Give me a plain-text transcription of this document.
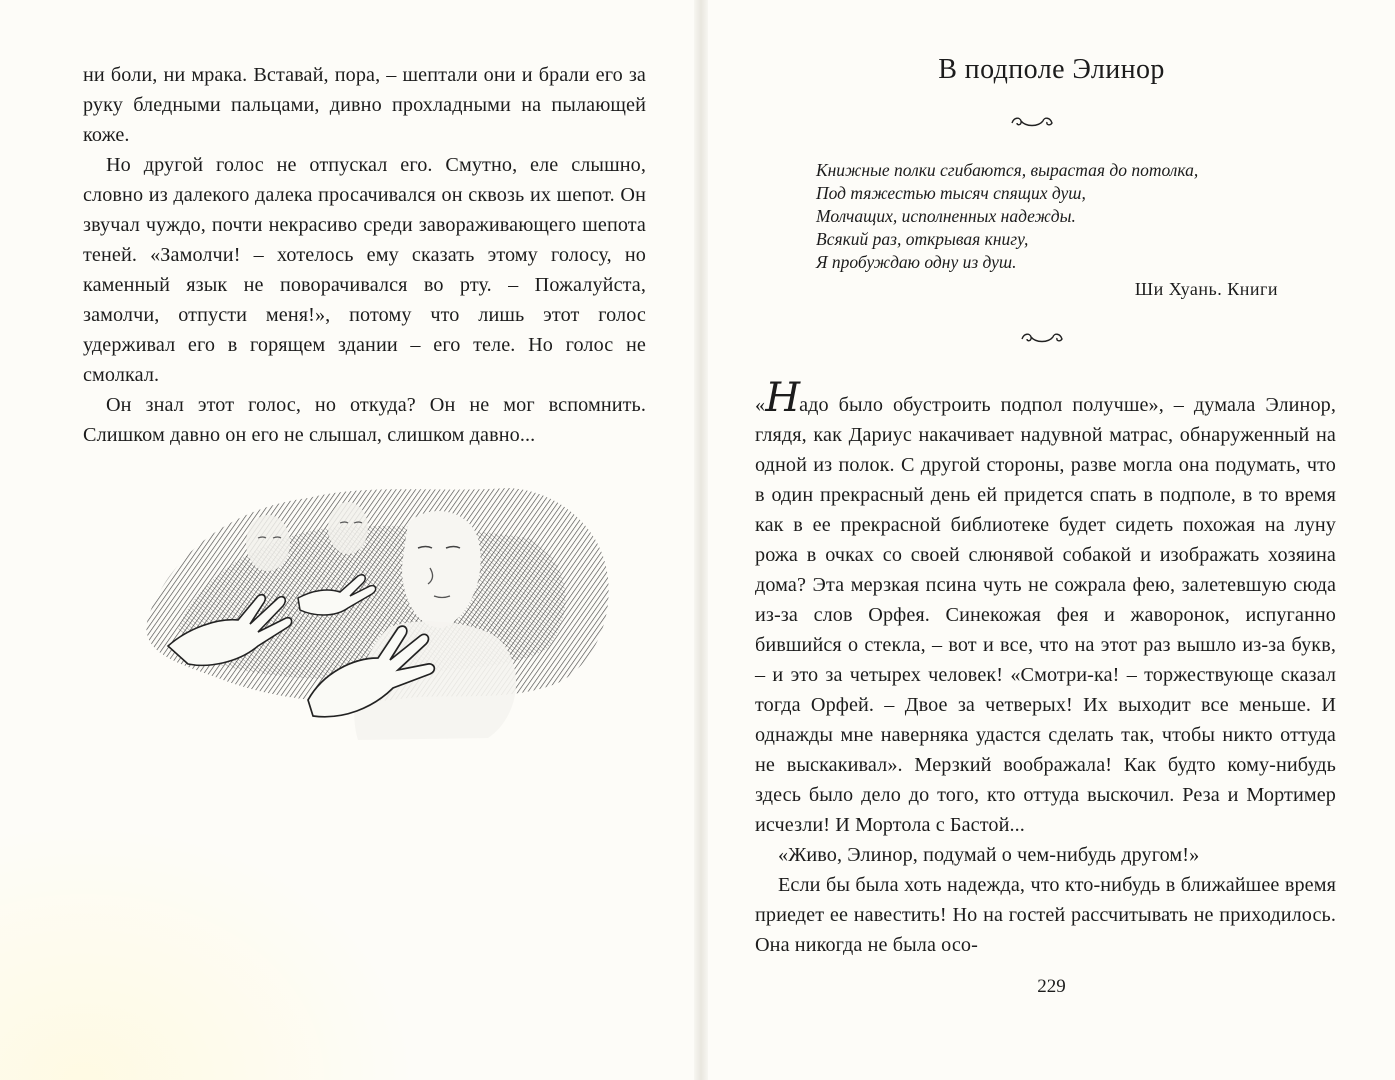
ни боли, ни мрака. Вставай, пора, – шептали они и брали его за руку бледными пальцами, дивно прохладными на пылающей коже.

Но другой голос не отпускал его. Смутно, еле слышно, словно из далекого далека просачивался он сквозь их шепот. Он звучал чуждо, почти некрасиво среди завораживающего шепота теней. «Замолчи! – хотелось ему сказать этому голосу, но каменный язык не поворачивался во рту. – Пожалуйста, замолчи, отпусти меня!», потому что лишь этот голос удерживал его в горящем здании – его теле. Но голос не смолкал.

Он знал этот голос, но откуда? Он не мог вспомнить. Слишком давно он его не слышал, слишком давно...

В подполе Элинор
Книжные полки сгибаются, вырастая до потолка,
Под тяжестью тысяч спящих душ,
Молчащих, исполненных надежды.
Всякий раз, открывая книгу,
Я пробуждаю одну из душ.
Ши Хуань. Книги

«Надо было обустроить подпол получше», – думала Элинор, глядя, как Дариус накачивает надувной матрас, обнаруженный на одной из полок. С другой стороны, разве могла она подумать, что в один прекрасный день ей придется спать в подполе, в то время как в ее прекрасной библиотеке будет сидеть похожая на луну рожа в очках со своей слюнявой собакой и изображать хозяина дома? Эта мерзкая псина чуть не сожрала фею, залетевшую сюда из-за слов Орфея. Синекожая фея и жаворонок, испуганно бившийся о стекла, – вот и все, что на этот раз вышло из-за букв, – и это за четырех человек! «Смотри-ка! – торжествующе сказал тогда Орфей. – Двое за четверых! Их выходит все меньше. И однажды мне наверняка удастся сделать так, чтобы никто оттуда не выскакивал». Мерзкий воображала! Как будто кому-нибудь здесь было дело до того, кто оттуда выскочил. Реза и Мортимер исчезли! И Мортола с Бастой...

«Живо, Элинор, подумай о чем-нибудь другом!»

Если бы была хоть надежда, что кто-нибудь в ближайшее время приедет ее навестить! Но на гостей рассчитывать не приходилось. Она никогда не была осо-

229
